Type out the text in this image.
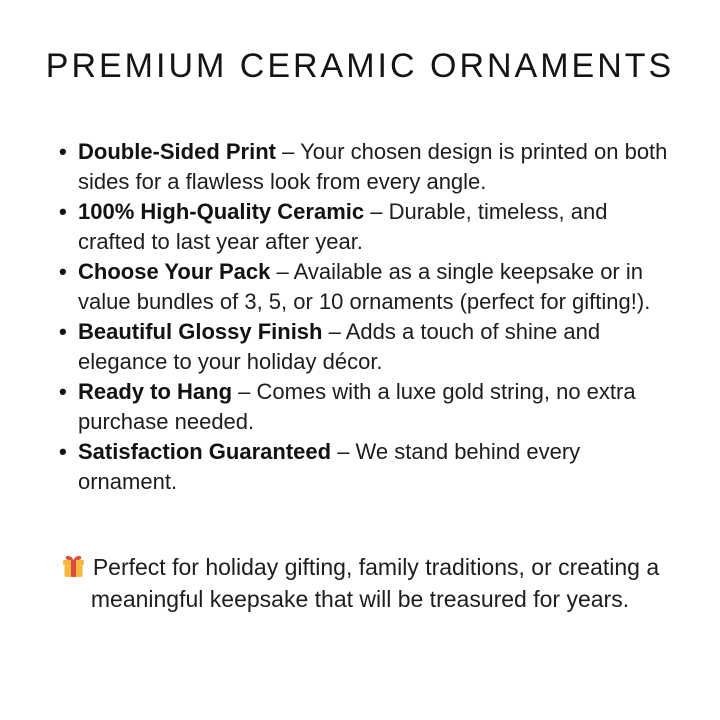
PREMIUM CERAMIC ORNAMENTS
• Double-Sided Print – Your chosen design is printed on both sides for a flawless look from every angle.
• 100% High-Quality Ceramic – Durable, timeless, and crafted to last year after year.
• Choose Your Pack – Available as a single keepsake or in value bundles of 3, 5, or 10 ornaments (perfect for gifting!).
• Beautiful Glossy Finish – Adds a touch of shine and elegance to your holiday décor.
• Ready to Hang – Comes with a luxe gold string, no extra purchase needed.
• Satisfaction Guaranteed – We stand behind every ornament.

Perfect for holiday gifting, family traditions, or creating a meaningful keepsake that will be treasured for years.
